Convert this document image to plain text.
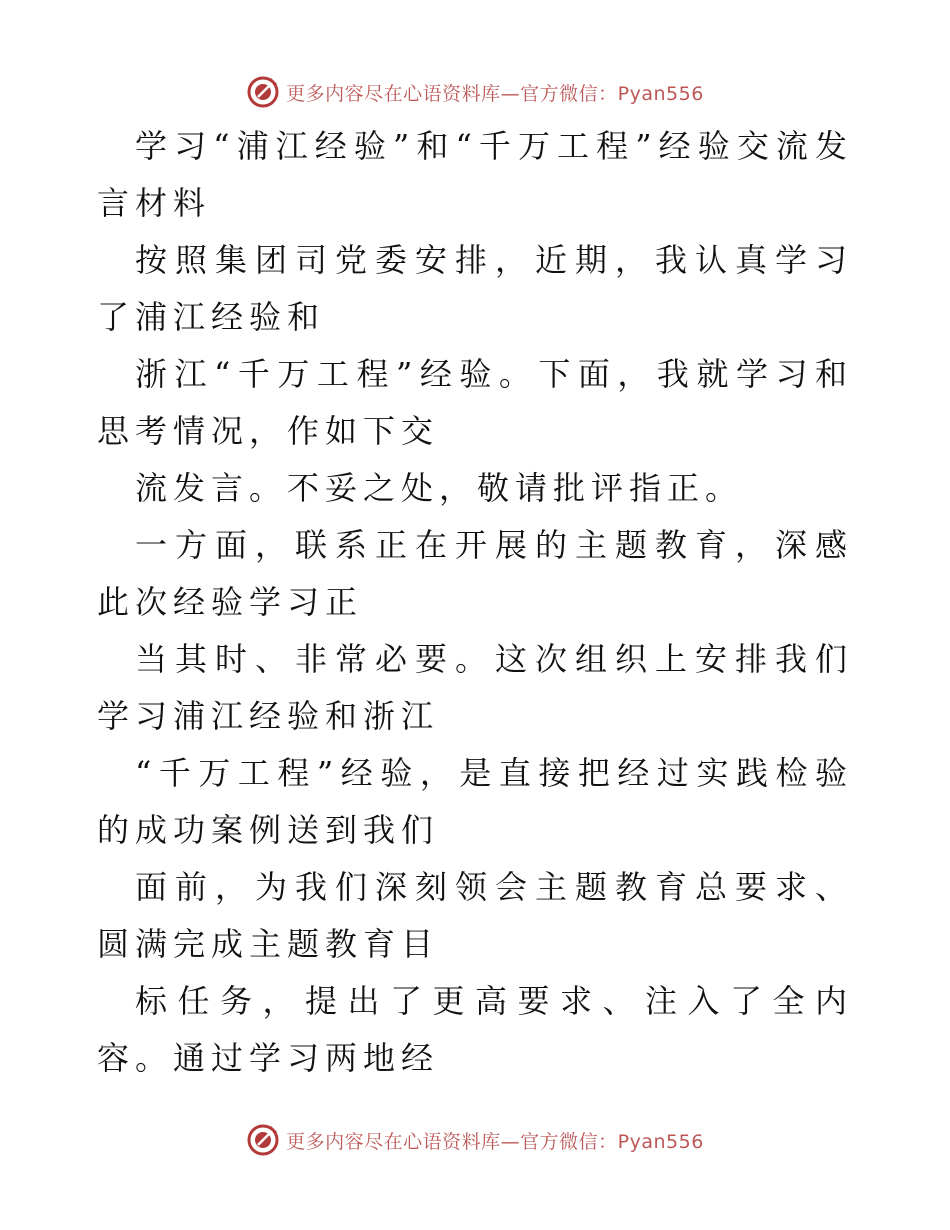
更多内容尽在心语资料库—官方微信：Pyan556

学习“浦江经验”和“千万工程”经验交流发言材料

按照集团司党委安排，近期，我认真学习了浦江经验和

浙江“千万工程”经验。下面，我就学习和思考情况，作如下交

流发言。不妥之处，敬请批评指正。

一方面，联系正在开展的主题教育，深感此次经验学习正

当其时、非常必要。这次组织上安排我们学习浦江经验和浙江

“千万工程”经验，是直接把经过实践检验的成功案例送到我们

面前，为我们深刻领会主题教育总要求、圆满完成主题教育目

标任务，提出了更高要求、注入了全内容。通过学习两地经

更多内容尽在心语资料库—官方微信：Pyan556
